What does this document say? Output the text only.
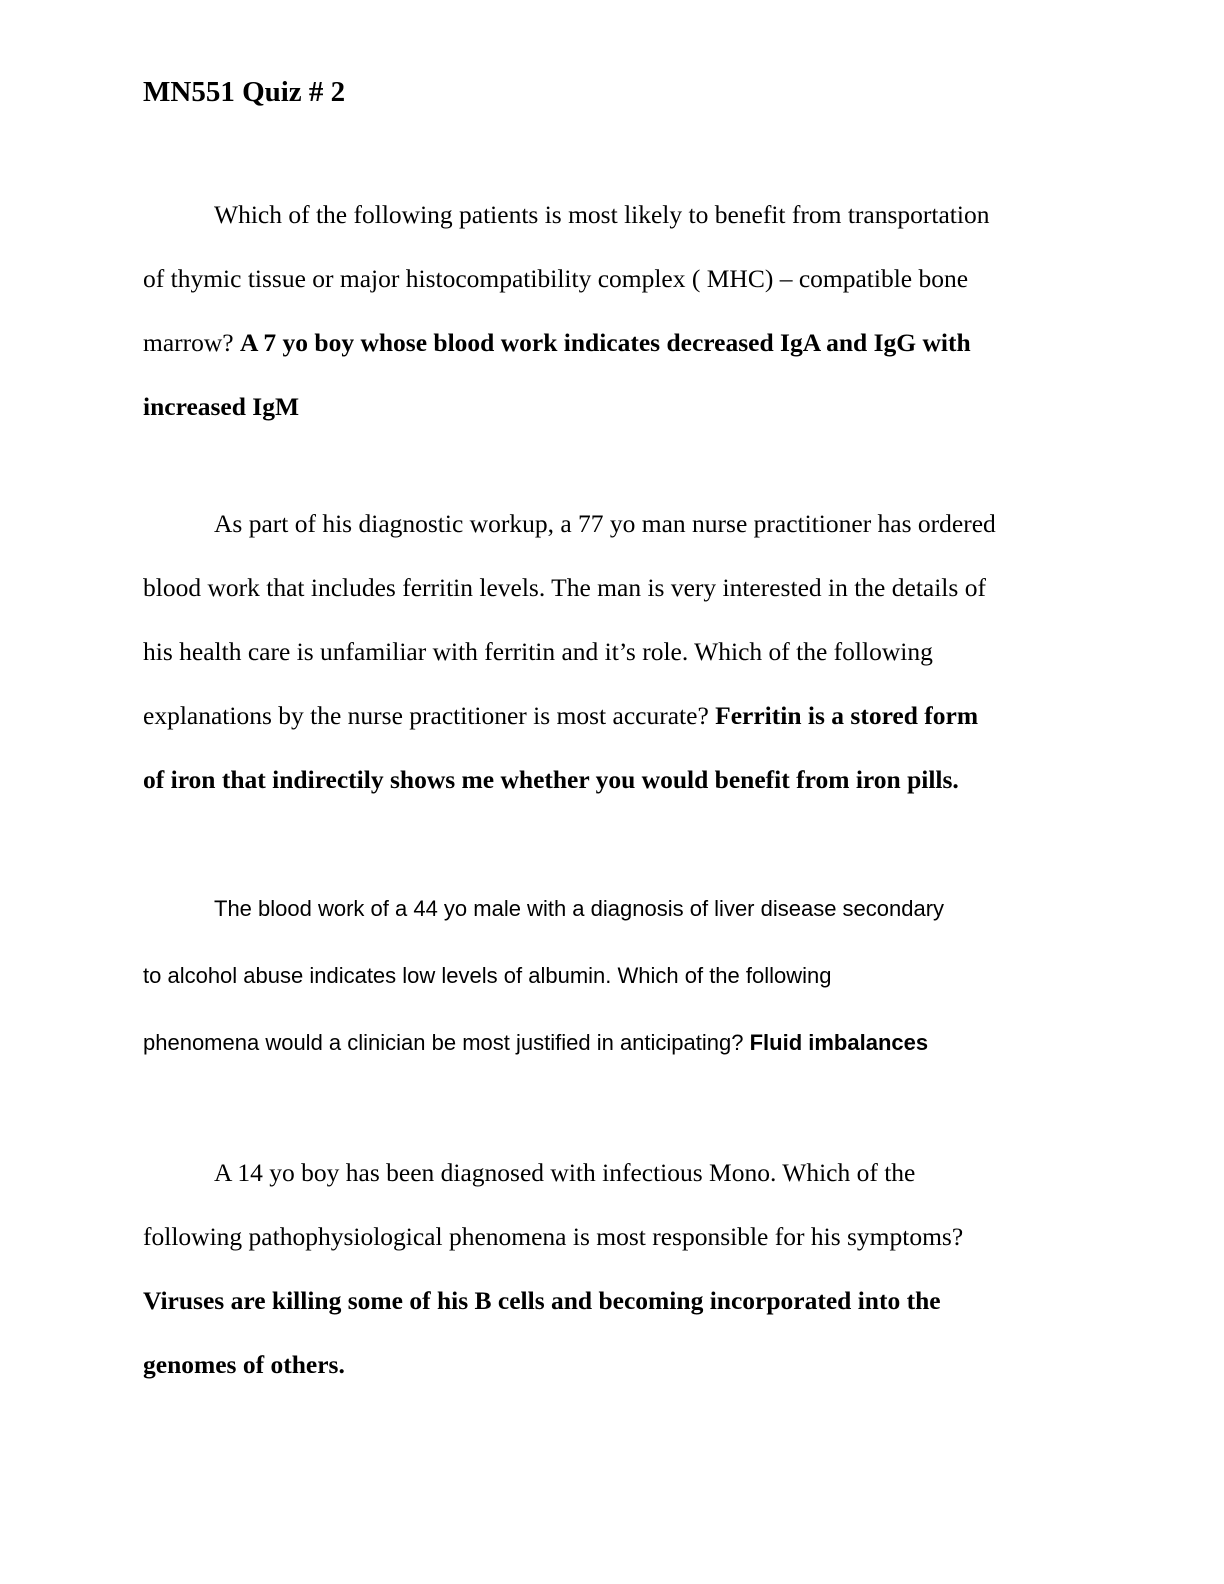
MN551 Quiz # 2

Which of the following patients is most likely to benefit from transportation
of thymic tissue or major histocompatibility complex ( MHC) – compatible bone
marrow? A 7 yo boy whose blood work indicates decreased IgA and IgG with
increased IgM

As part of his diagnostic workup, a 77 yo man nurse practitioner has ordered
blood work that includes ferritin levels. The man is very interested in the details of
his health care is unfamiliar with ferritin and it’s role. Which of the following
explanations by the nurse practitioner is most accurate? Ferritin is a stored form
of iron that indirectily shows me whether you would benefit from iron pills.

The blood work of a 44 yo male with a diagnosis of liver disease secondary
to alcohol abuse indicates low levels of albumin. Which of the following
phenomena would a clinician be most justified in anticipating? Fluid imbalances

A 14 yo boy has been diagnosed with infectious Mono. Which of the
following pathophysiological phenomena is most responsible for his symptoms?
Viruses are killing some of his B cells and becoming incorporated into the
genomes of others.
